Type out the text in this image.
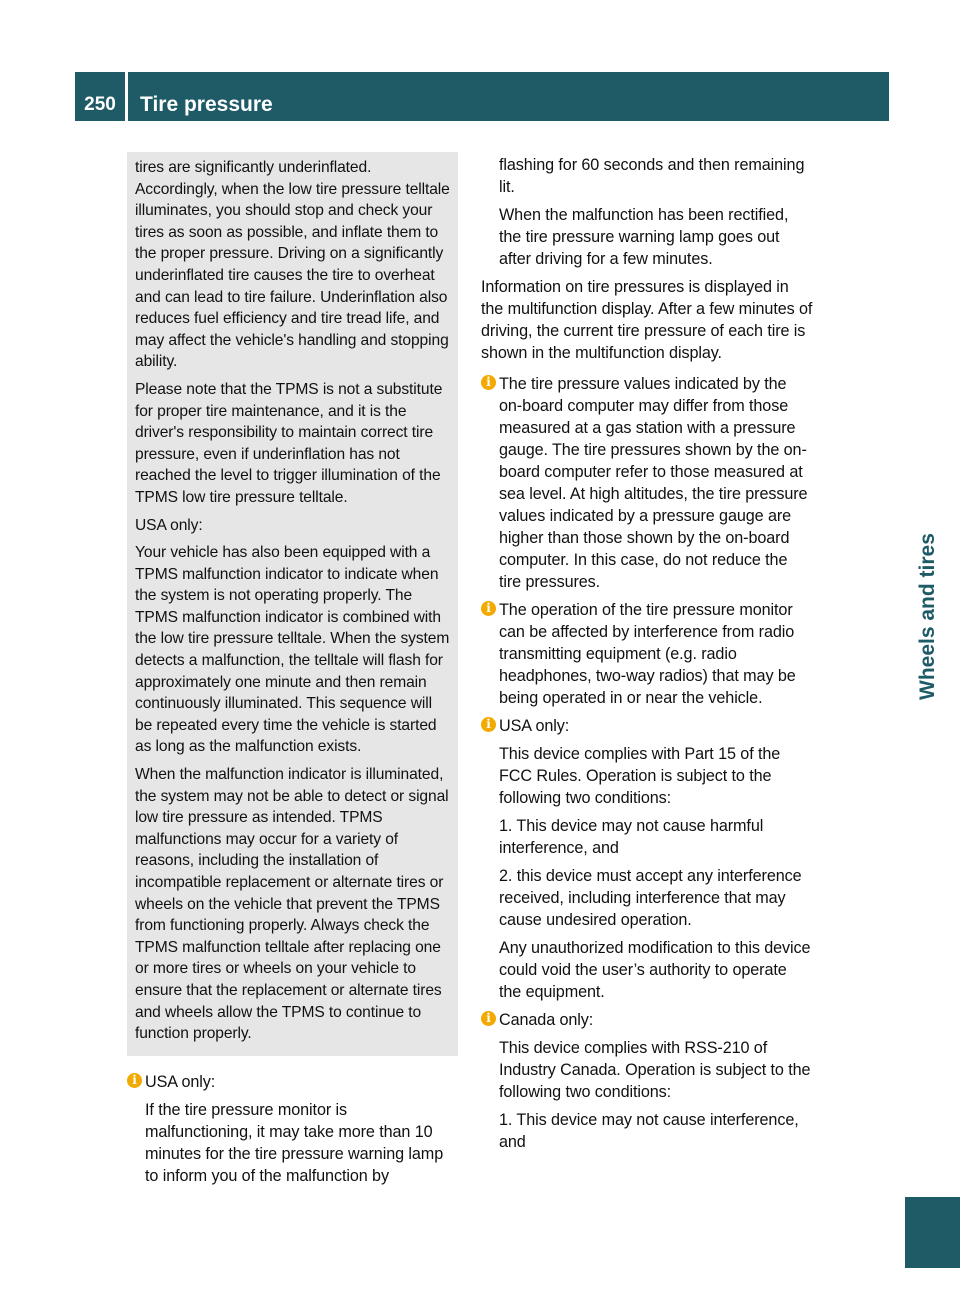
250	Tire pressure
Wheels and tires

tires are significantly underinflated. Accordingly, when the low tire pressure telltale illuminates, you should stop and check your tires as soon as possible, and inflate them to the proper pressure. Driving on a significantly underinflated tire causes the tire to overheat and can lead to tire failure. Underinflation also reduces fuel efficiency and tire tread life, and may affect the vehicle's handling and stopping ability.

Please note that the TPMS is not a substitute for proper tire maintenance, and it is the driver's responsibility to maintain correct tire pressure, even if underinflation has not reached the level to trigger illumination of the TPMS low tire pressure telltale.

USA only:

Your vehicle has also been equipped with a TPMS malfunction indicator to indicate when the system is not operating properly. The TPMS malfunction indicator is combined with the low tire pressure telltale. When the system detects a malfunction, the telltale will flash for approximately one minute and then remain continuously illuminated. This sequence will be repeated every time the vehicle is started as long as the malfunction exists.

When the malfunction indicator is illuminated, the system may not be able to detect or signal low tire pressure as intended. TPMS malfunctions may occur for a variety of reasons, including the installation of incompatible replacement or alternate tires or wheels on the vehicle that prevent the TPMS from functioning properly. Always check the TPMS malfunction telltale after replacing one or more tires or wheels on your vehicle to ensure that the replacement or alternate tires and wheels allow the TPMS to continue to function properly.

i USA only:

If the tire pressure monitor is malfunctioning, it may take more than 10 minutes for the tire pressure warning lamp to inform you of the malfunction by

flashing for 60 seconds and then remaining lit.

When the malfunction has been rectified, the tire pressure warning lamp goes out after driving for a few minutes.

Information on tire pressures is displayed in the multifunction display. After a few minutes of driving, the current tire pressure of each tire is shown in the multifunction display.

i The tire pressure values indicated by the on-board computer may differ from those measured at a gas station with a pressure gauge. The tire pressures shown by the on-board computer refer to those measured at sea level. At high altitudes, the tire pressure values indicated by a pressure gauge are higher than those shown by the on-board computer. In this case, do not reduce the tire pressures.

i The operation of the tire pressure monitor can be affected by interference from radio transmitting equipment (e.g. radio headphones, two-way radios) that may be being operated in or near the vehicle.

i USA only:

This device complies with Part 15 of the FCC Rules. Operation is subject to the following two conditions:

1. This device may not cause harmful interference, and

2. this device must accept any interference received, including interference that may cause undesired operation.

Any unauthorized modification to this device could void the user’s authority to operate the equipment.

i Canada only:

This device complies with RSS-210 of Industry Canada. Operation is subject to the following two conditions:

1. This device may not cause interference, and
